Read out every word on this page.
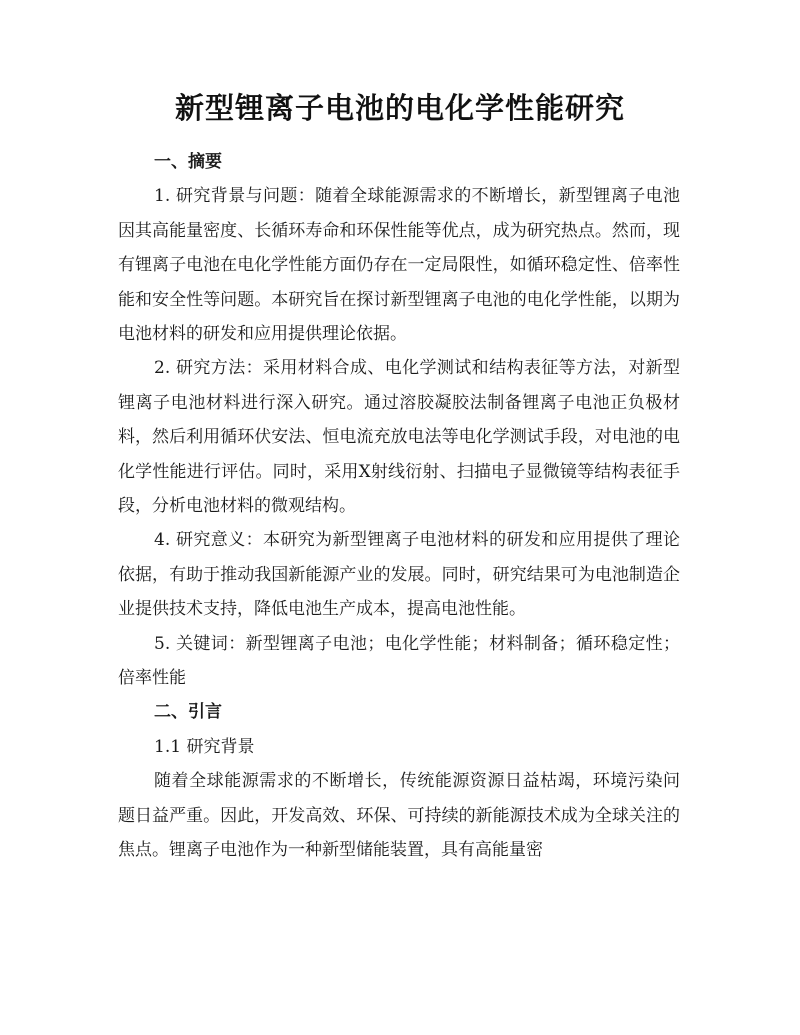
新型锂离子电池的电化学性能研究
一、摘要

1. 研究背景与问题：随着全球能源需求的不断增长，新型锂离子电池因其高能量密度、长循环寿命和环保性能等优点，成为研究热点。然而，现有锂离子电池在电化学性能方面仍存在一定局限性，如循环稳定性、倍率性能和安全性等问题。本研究旨在探讨新型锂离子电池的电化学性能，以期为电池材料的研发和应用提供理论依据。

2. 研究方法：采用材料合成、电化学测试和结构表征等方法，对新型锂离子电池材料进行深入研究。通过溶胶凝胶法制备锂离子电池正负极材料，然后利用循环伏安法、恒电流充放电法等电化学测试手段，对电池的电化学性能进行评估。同时，采用X射线衍射、扫描电子显微镜等结构表征手段，分析电池材料的微观结构。

4. 研究意义：本研究为新型锂离子电池材料的研发和应用提供了理论依据，有助于推动我国新能源产业的发展。同时，研究结果可为电池制造企业提供技术支持，降低电池生产成本，提高电池性能。

5. 关键词：新型锂离子电池；电化学性能；材料制备；循环稳定性；倍率性能

二、引言
1.1 研究背景

随着全球能源需求的不断增长，传统能源资源日益枯竭，环境污染问题日益严重。因此，开发高效、环保、可持续的新能源技术成为全球关注的焦点。锂离子电池作为一种新型储能装置，具有高能量密
